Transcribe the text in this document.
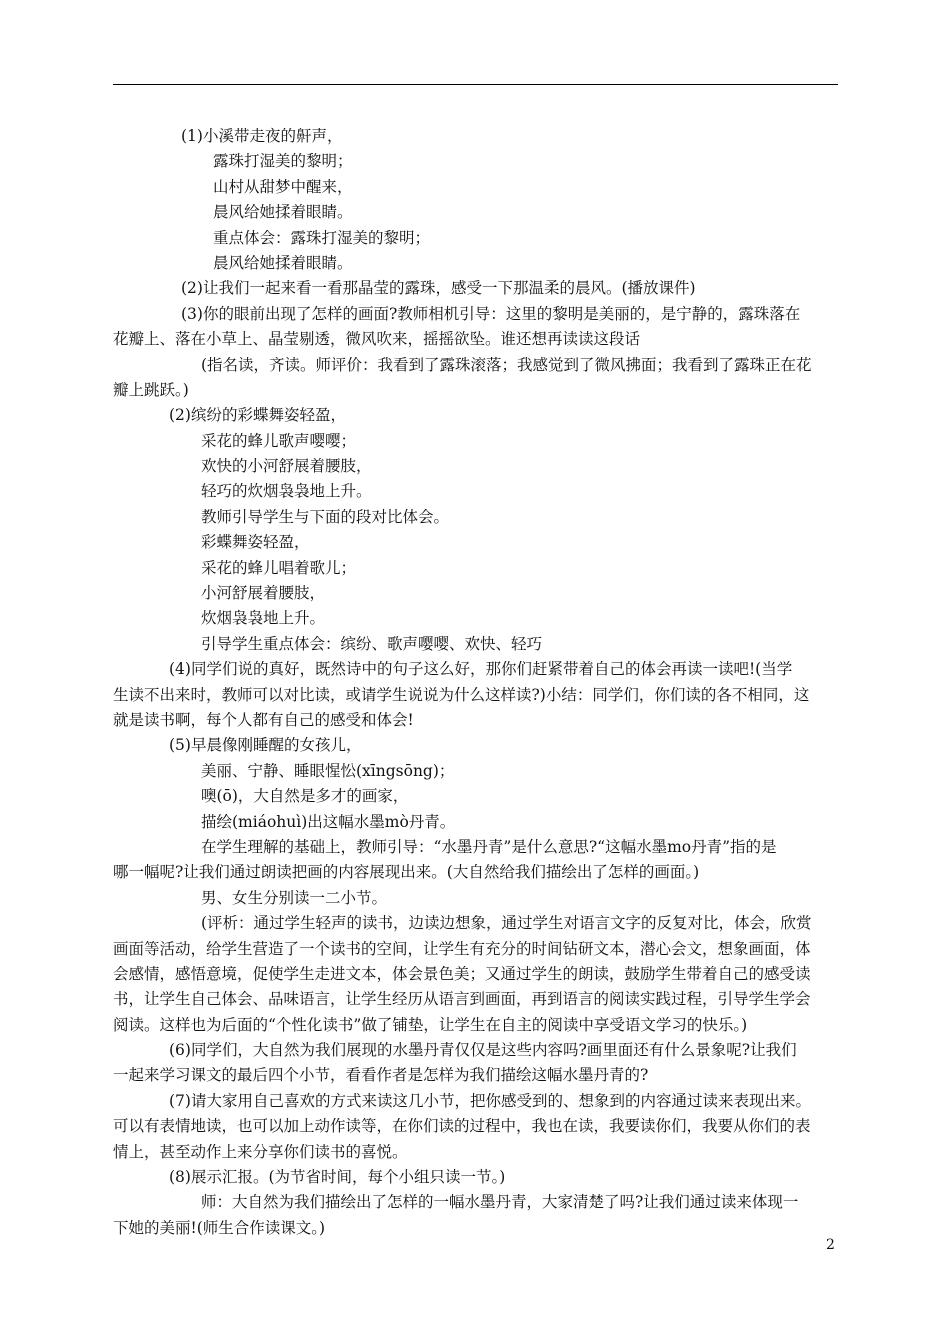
(1)小溪带走夜的鼾声，
露珠打湿美的黎明；
山村从甜梦中醒来，
晨风给她揉着眼睛。
重点体会：露珠打湿美的黎明；
晨风给她揉着眼睛。
(2)让我们一起来看一看那晶莹的露珠，感受一下那温柔的晨风。(播放课件)
(3)你的眼前出现了怎样的画面?教师相机引导：这里的黎明是美丽的，是宁静的，露珠落在
花瓣上、落在小草上、晶莹剔透，微风吹来，摇摇欲坠。谁还想再读读这段话
(指名读，齐读。师评价：我看到了露珠滚落；我感觉到了微风拂面；我看到了露珠正在花
瓣上跳跃。)
(2)缤纷的彩蝶舞姿轻盈，
采花的蜂儿歌声嘤嘤；
欢快的小河舒展着腰肢，
轻巧的炊烟袅袅地上升。
教师引导学生与下面的段对比体会。
彩蝶舞姿轻盈，
采花的蜂儿唱着歌儿；
小河舒展着腰肢，
炊烟袅袅地上升。
引导学生重点体会：缤纷、歌声嘤嘤、欢快、轻巧
(4)同学们说的真好，既然诗中的句子这么好，那你们赶紧带着自己的体会再读一读吧!(当学
生读不出来时，教师可以对比读，或请学生说说为什么这样读?)小结：同学们，你们读的各不相同，这
就是读书啊，每个人都有自己的感受和体会!
(5)早晨像刚睡醒的女孩儿，
美丽、宁静、睡眼惺忪(xīngsōng)；
噢(ō)，大自然是多才的画家，
描绘(miáohuì)出这幅水墨mò丹青。
在学生理解的基础上，教师引导：“水墨丹青”是什么意思?“这幅水墨mo丹青”指的是
哪一幅呢?让我们通过朗读把画的内容展现出来。(大自然给我们描绘出了怎样的画面。)
男、女生分别读一二小节。
(评析：通过学生轻声的读书，边读边想象，通过学生对语言文字的反复对比，体会，欣赏
画面等活动，给学生营造了一个读书的空间，让学生有充分的时间钻研文本，潜心会文，想象画面，体
会感情，感悟意境，促使学生走进文本，体会景色美；又通过学生的朗读，鼓励学生带着自己的感受读
书，让学生自己体会、品味语言，让学生经历从语言到画面，再到语言的阅读实践过程，引导学生学会
阅读。这样也为后面的“个性化读书”做了铺垫，让学生在自主的阅读中享受语文学习的快乐。)
(6)同学们，大自然为我们展现的水墨丹青仅仅是这些内容吗?画里面还有什么景象呢?让我们
一起来学习课文的最后四个小节，看看作者是怎样为我们描绘这幅水墨丹青的?
(7)请大家用自己喜欢的方式来读这几小节，把你感受到的、想象到的内容通过读来表现出来。
可以有表情地读，也可以加上动作读等，在你们读的过程中，我也在读，我要读你们，我要从你们的表
情上，甚至动作上来分享你们读书的喜悦。
(8)展示汇报。(为节省时间，每个小组只读一节。)
师：大自然为我们描绘出了怎样的一幅水墨丹青，大家清楚了吗?让我们通过读来体现一
下她的美丽!(师生合作读课文。)
2
